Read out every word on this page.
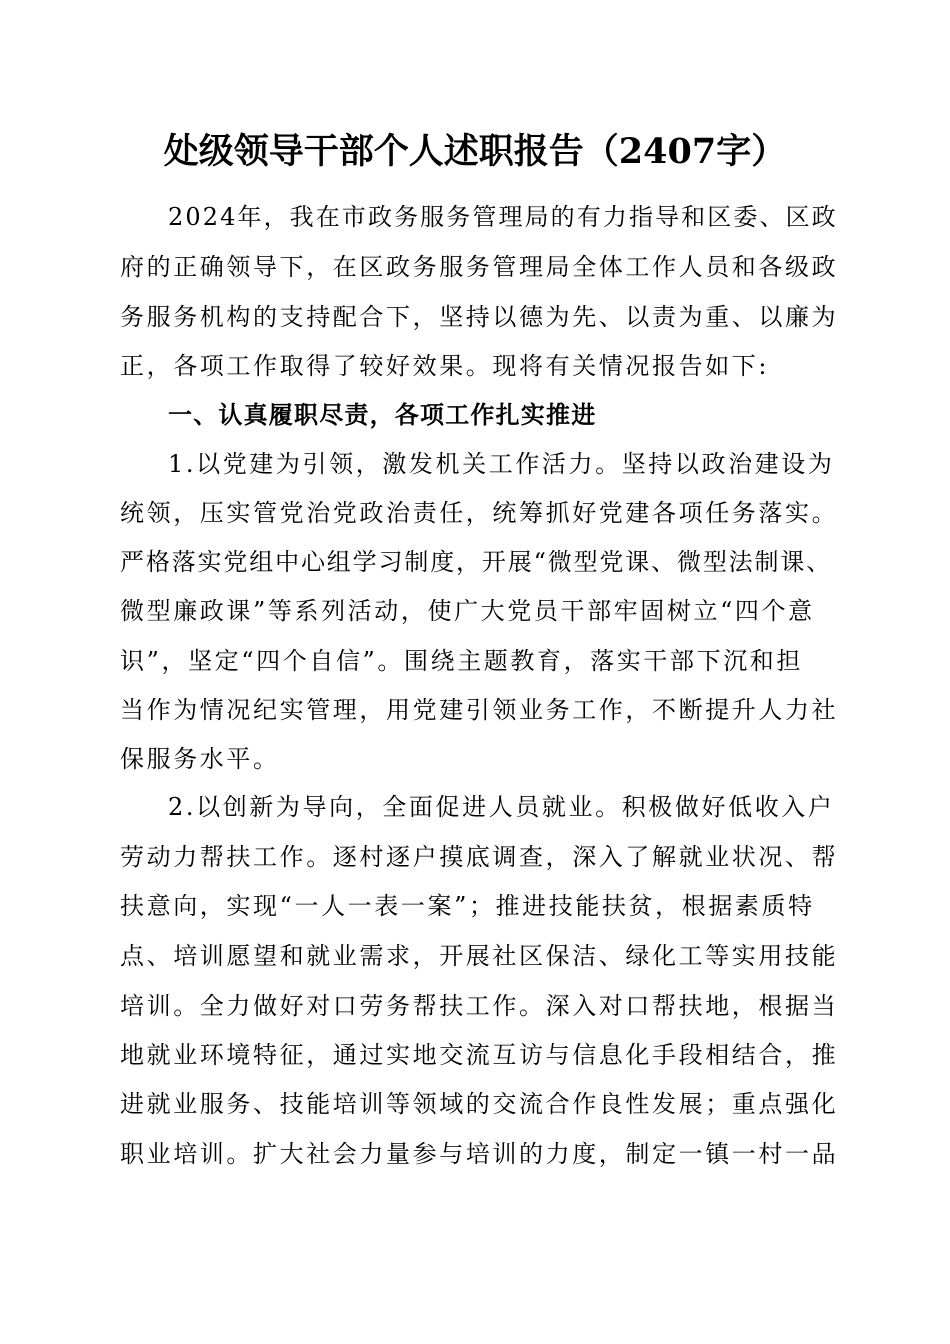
处级领导干部个人述职报告（2407字）
2024年，我在市政务服务管理局的有力指导和区委、区政
府的正确领导下，在区政务服务管理局全体工作人员和各级政
务服务机构的支持配合下，坚持以德为先、以责为重、以廉为
正，各项工作取得了较好效果。现将有关情况报告如下:
一、认真履职尽责，各项工作扎实推进
1.以党建为引领，激发机关工作活力。坚持以政治建设为
统领，压实管党治党政治责任，统筹抓好党建各项任务落实。
严格落实党组中心组学习制度，开展“微型党课、微型法制课、
微型廉政课”等系列活动，使广大党员干部牢固树立“四个意
识”，坚定“四个自信”。围绕主题教育，落实干部下沉和担
当作为情况纪实管理，用党建引领业务工作，不断提升人力社
保服务水平。
2.以创新为导向，全面促进人员就业。积极做好低收入户
劳动力帮扶工作。逐村逐户摸底调查，深入了解就业状况、帮
扶意向，实现“一人一表一案”；推进技能扶贫，根据素质特
点、培训愿望和就业需求，开展社区保洁、绿化工等实用技能
培训。全力做好对口劳务帮扶工作。深入对口帮扶地，根据当
地就业环境特征，通过实地交流互访与信息化手段相结合，推
进就业服务、技能培训等领域的交流合作良性发展；重点强化
职业培训。扩大社会力量参与培训的力度，制定一镇一村一品
